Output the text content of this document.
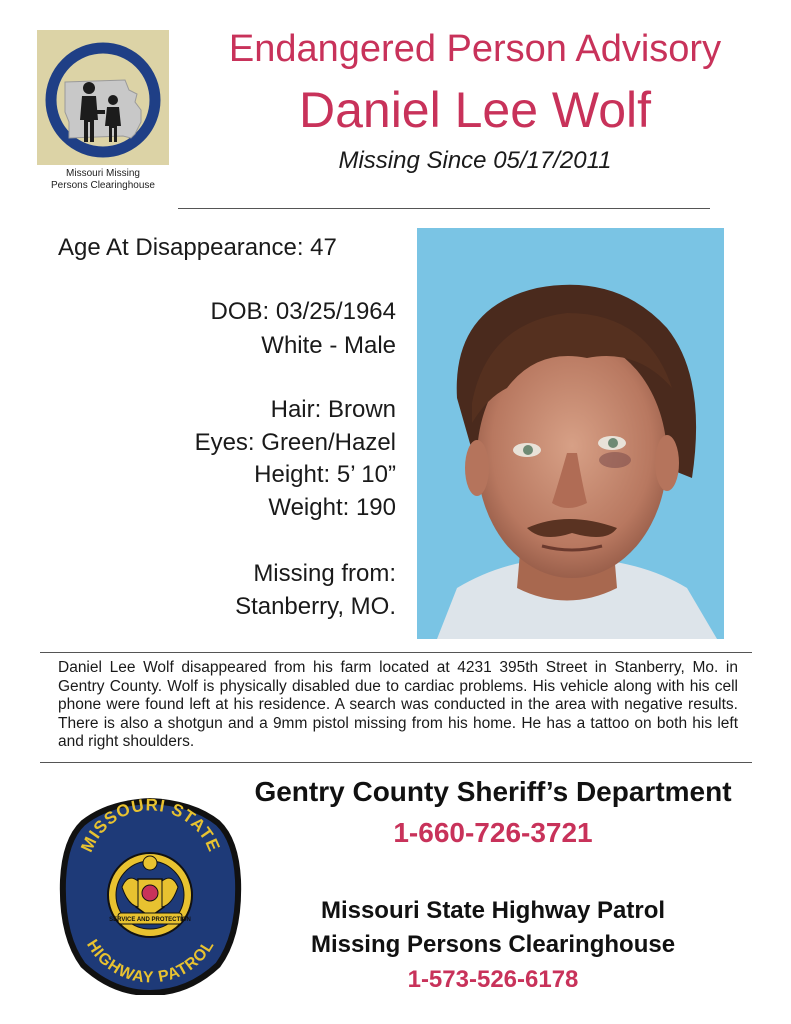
Missouri Missing
Persons Clearinghouse
Endangered Person Advisory
Daniel Lee Wolf
Missing Since 05/17/2011
Age At Disappearance: 47
DOB: 03/25/1964
White - Male
Hair: Brown
Eyes: Green/Hazel
Height: 5’ 10”
Weight: 190
Missing from:
Stanberry, MO.
Daniel Lee Wolf disappeared from his farm located at 4231 395th Street in Stanberry, Mo. in Gentry County. Wolf is physically disabled due to cardiac problems. His vehicle along with his cell phone were found left at his residence. A search was conducted in the area with negative results. There is also a shotgun and a 9mm pistol missing from his home. He has a tattoo on both his left and right shoulders.
MISSOURI STATE
HIGHWAY PATROL
SERVICE AND PROTECTION
Gentry County Sheriff’s Department
1-660-726-3721
Missouri State Highway Patrol
Missing Persons Clearinghouse
1-573-526-6178
